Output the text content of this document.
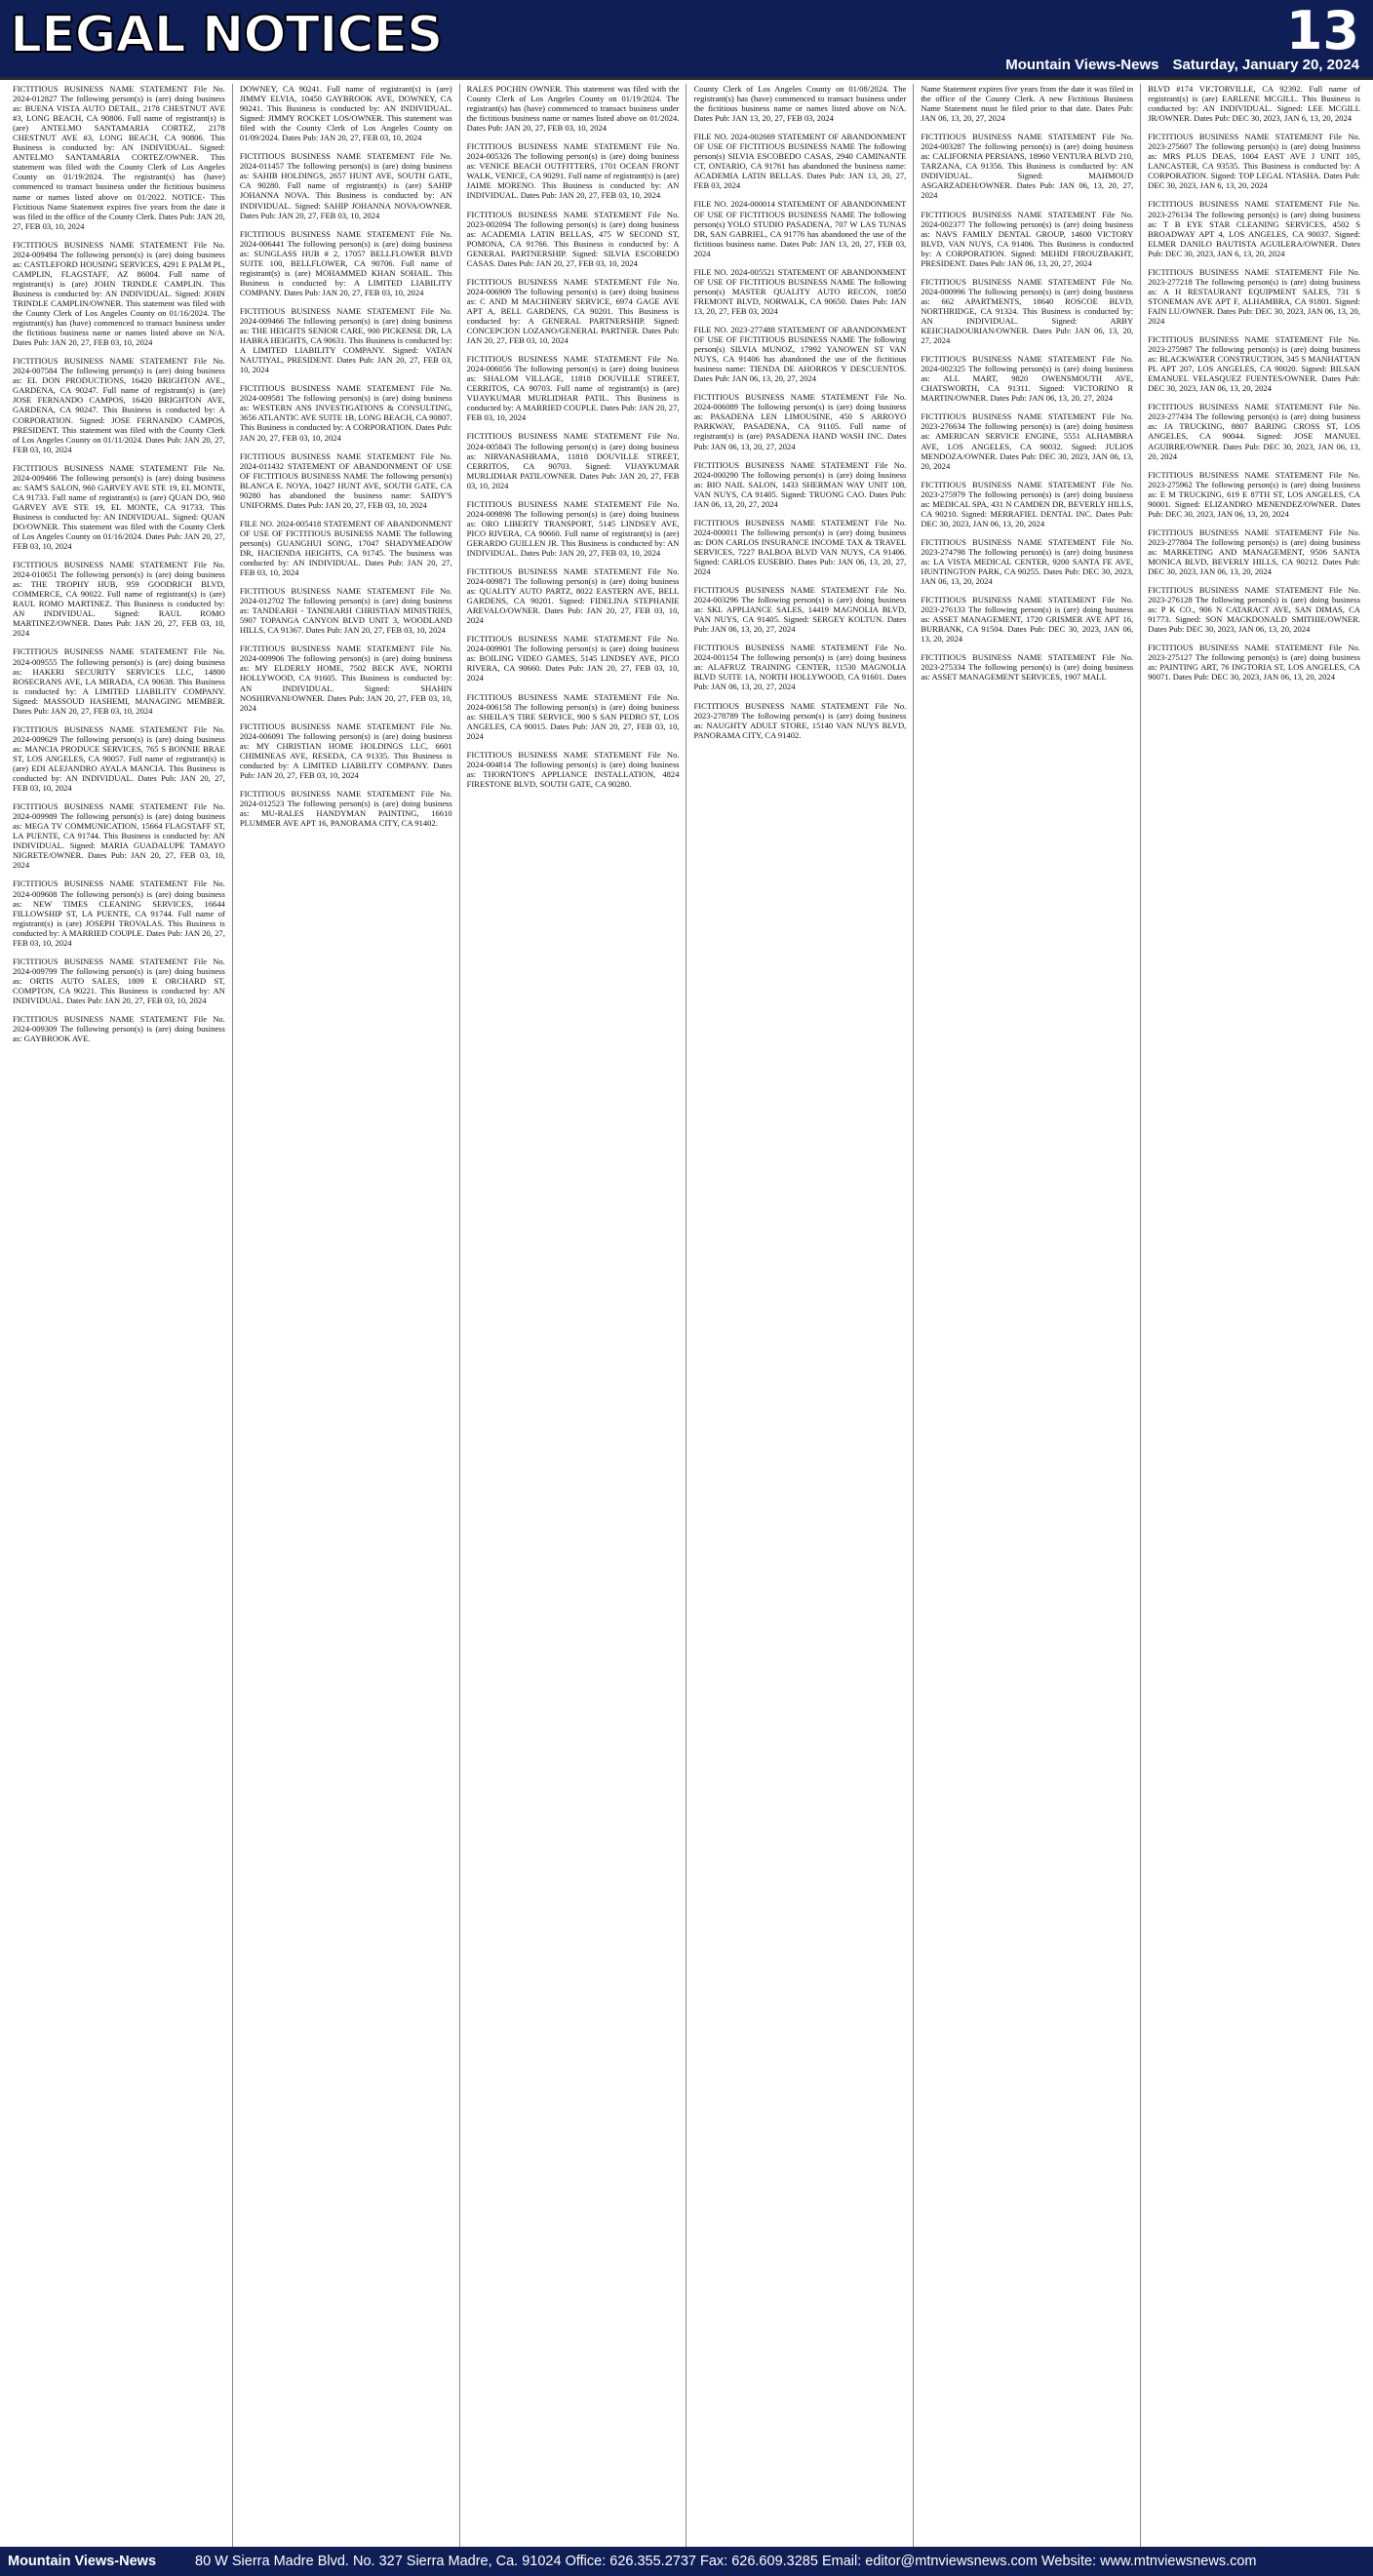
LEGAL NOTICES	13
Mountain Views-News Saturday, January 20, 2024

FICTITIOUS BUSINESS NAME STATEMENT File No. 2024-012827 The following person(s) is (are) doing business as: BUENA VISTA AUTO DETAIL, 2178 CHESTNUT AVE #3, LONG BEACH, CA 90806. Full name of registrant(s) is (are) ANTELMO SANTAMARIA CORTEZ, 2178 CHESTNUT AVE #3, LONG BEACH, CA 90806. This Business is conducted by: AN INDIVIDUAL. Signed: ANTELMO SANTAMARIA CORTEZ/OWNER. This statement was filed with the County Clerk of Los Angeles County on 01/19/2024. The registrant(s) has (have) commenced to transact business under the fictitious business name or names listed above on 01/2022. NOTICE- This Fictitious Name Statement expires five years from the date it was filed in the office of the County Clerk. Dates Pub: JAN 20, 27, FEB 03, 10, 2024

FICTITIOUS BUSINESS NAME STATEMENT File No. 2024-009494 The following person(s) is (are) doing business as: CASTLEFORD HOUSING SERVICES, 4291 E PALM PL, CAMPLIN, FLAGSTAFF, AZ 86004. Full name of registrant(s) is (are) JOHN TRINDLE CAMPLIN. This Business is conducted by: AN INDIVIDUAL. Signed: JOHN TRINDLE CAMPLIN/OWNER. This statement was filed with the County Clerk of Los Angeles County on 01/16/2024. The registrant(s) has (have) commenced to transact business under the fictitious business name or names listed above on N/A. Dates Pub: JAN 20, 27, FEB 03, 10, 2024

FICTITIOUS BUSINESS NAME STATEMENT File No. 2024-007584 The following person(s) is (are) doing business as: EL DON PRODUCTIONS, 16420 BRIGHTON AVE., GARDENA, CA 90247. Full name of registrant(s) is (are) JOSE FERNANDO CAMPOS, 16420 BRIGHTON AVE, GARDENA, CA 90247. This Business is conducted by: A CORPORATION. Signed: JOSE FERNANDO CAMPOS, PRESIDENT. This statement was filed with the County Clerk of Los Angeles County on 01/11/2024. Dates Pub: JAN 20, 27, FEB 03, 10, 2024

FICTITIOUS BUSINESS NAME STATEMENT File No. 2024-009466 The following person(s) is (are) doing business as: SAM'S SALON, 960 GARVEY AVE STE 19, EL MONTE, CA 91733. Full name of registrant(s) is (are) QUAN DO, 960 GARVEY AVE STE 19, EL MONTE, CA 91733. This Business is conducted by: AN INDIVIDUAL. Signed: QUAN DO/OWNER. This statement was filed with the County Clerk of Los Angeles County on 01/16/2024. Dates Pub: JAN 20, 27, FEB 03, 10, 2024

FICTITIOUS BUSINESS NAME STATEMENT File No. 2024-010651 The following person(s) is (are) doing business as: THE TROPHY HUB, 959 GOODRICH BLVD, COMMERCE, CA 90022. Full name of registrant(s) is (are) RAUL ROMO MARTINEZ. This Business is conducted by: AN INDIVIDUAL. Signed: RAUL ROMO MARTINEZ/OWNER. Dates Pub: JAN 20, 27, FEB 03, 10, 2024

FICTITIOUS BUSINESS NAME STATEMENT File No. 2024-009555 The following person(s) is (are) doing business as: HAKERI SECURITY SERVICES LLC, 14800 ROSECRANS AVE, LA MIRADA, CA 90638. This Business is conducted by: A LIMITED LIABILITY COMPANY. Signed: MASSOUD HASHEMI, MANAGING MEMBER. Dates Pub: JAN 20, 27, FEB 03, 10, 2024

FICTITIOUS BUSINESS NAME STATEMENT File No. 2024-009629 The following person(s) is (are) doing business as: MANCIA PRODUCE SERVICES, 765 S BONNIE BRAE ST, LOS ANGELES, CA 90057. Full name of registrant(s) is (are) EDI ALEJANDRO AYALA MANCIA. This Business is conducted by: AN INDIVIDUAL. Dates Pub: JAN 20, 27, FEB 03, 10, 2024

FICTITIOUS BUSINESS NAME STATEMENT File No. 2024-009989 The following person(s) is (are) doing business as: MEGA TV COMMUNICATION, 15664 FLAGSTAFF ST, LA PUENTE, CA 91744. This Business is conducted by: AN INDIVIDUAL. Signed: MARIA GUADALUPE TAMAYO NIGRETE/OWNER. Dates Pub: JAN 20, 27, FEB 03, 10, 2024

FICTITIOUS BUSINESS NAME STATEMENT File No. 2024-009608 The following person(s) is (are) doing business as: NEW TIMES CLEANING SERVICES, 16644 FILLOWSHIP ST, LA PUENTE, CA 91744. Full name of registrant(s) is (are) JOSEPH TROVALAS. This Business is conducted by: A MARRIED COUPLE. Dates Pub: JAN 20, 27, FEB 03, 10, 2024

FICTITIOUS BUSINESS NAME STATEMENT File No. 2024-009799 The following person(s) is (are) doing business as: ORTIS AUTO SALES, 1809 E ORCHARD ST, COMPTON, CA 90221. This Business is conducted by: AN INDIVIDUAL. Dates Pub: JAN 20, 27, FEB 03, 10, 2024

FICTITIOUS BUSINESS NAME STATEMENT File No. 2024-009309 The following person(s) is (are) doing business as: GAYBROOK AVE.

DOWNEY, CA 90241. Full name of registrant(s) is (are) JIMMY ELVIA, 10450 GAYBROOK AVE, DOWNEY, CA 90241. This Business is conducted by: AN INDIVIDUAL. Signed: JIMMY ROCKET LOS/OWNER. This statement was filed with the County Clerk of Los Angeles County on 01/09/2024. Dates Pub: JAN 20, 27, FEB 03, 10, 2024

FICTITIOUS BUSINESS NAME STATEMENT File No. 2024-011457 The following person(s) is (are) doing business as: SAHIB HOLDINGS, 2657 HUNT AVE, SOUTH GATE, CA 90280. Full name of registrant(s) is (are) SAHIP JOHANNA NOVA. This Business is conducted by: AN INDIVIDUAL. Signed: SAHIP JOHANNA NOVA/OWNER. Dates Pub: JAN 20, 27, FEB 03, 10, 2024

FICTITIOUS BUSINESS NAME STATEMENT File No. 2024-006441 The following person(s) is (are) doing business as: SUNGLASS HUB # 2, 17057 BELLFLOWER BLVD SUITE 100, BELLFLOWER, CA 90706. Full name of registrant(s) is (are) MOHAMMED KHAN SOHAIL. This Business is conducted by: A LIMITED LIABILITY COMPANY. Dates Pub: JAN 20, 27, FEB 03, 10, 2024

FICTITIOUS BUSINESS NAME STATEMENT File No. 2024-009466 The following person(s) is (are) doing business as: THE HEIGHTS SENIOR CARE, 900 PICKENSE DR, LA HABRA HEIGHTS, CA 90631. This Business is conducted by: A LIMITED LIABILITY COMPANY. Signed: VATAN NAUTIYAL, PRESIDENT. Dates Pub: JAN 20, 27, FEB 03, 10, 2024

FICTITIOUS BUSINESS NAME STATEMENT File No. 2024-009581 The following person(s) is (are) doing business as: WESTERN ANS INVESTIGATIONS & CONSULTING, 3656 ATLANTIC AVE SUITE 1B, LONG BEACH, CA 90807. This Business is conducted by: A CORPORATION. Dates Pub: JAN 20, 27, FEB 03, 10, 2024

FICTITIOUS BUSINESS NAME STATEMENT File No. 2024-011432 STATEMENT OF ABANDONMENT OF USE OF FICTITIOUS BUSINESS NAME The following person(s) BLANCA E. NOYA, 10427 HUNT AVE, SOUTH GATE, CA 90280 has abandoned the business name: SAIDY'S UNIFORMS. Dates Pub: JAN 20, 27, FEB 03, 10, 2024

FILE NO. 2024-005418 STATEMENT OF ABANDONMENT OF USE OF FICTITIOUS BUSINESS NAME The following person(s) GUANGHUI SONG, 17047 SHADYMEADOW DR, HACIENDA HEIGHTS, CA 91745. The business was conducted by: AN INDIVIDUAL. Dates Pub: JAN 20, 27, FEB 03, 10, 2024

FICTITIOUS BUSINESS NAME STATEMENT File No. 2024-012702 The following person(s) is (are) doing business as: TANDEARH - TANDEARH CHRISTIAN MINISTRIES, 5907 TOPANGA CANYON BLVD UNIT 3, WOODLAND HILLS, CA 91367. Dates Pub: JAN 20, 27, FEB 03, 10, 2024

FICTITIOUS BUSINESS NAME STATEMENT File No. 2024-009906 The following person(s) is (are) doing business as: MY ELDERLY HOME, 7502 BECK AVE, NORTH HOLLYWOOD, CA 91605. This Business is conducted by: AN INDIVIDUAL. Signed: SHAHIN NOSHIRVANI/OWNER. Dates Pub: JAN 20, 27, FEB 03, 10, 2024

FICTITIOUS BUSINESS NAME STATEMENT File No. 2024-006091 The following person(s) is (are) doing business as: MY CHRISTIAN HOME HOLDINGS LLC, 6601 CHIMINEAS AVE, RESEDA, CA 91335. This Business is conducted by: A LIMITED LIABILITY COMPANY. Dates Pub: JAN 20, 27, FEB 03, 10, 2024

FICTITIOUS BUSINESS NAME STATEMENT File No. 2024-012523 The following person(s) is (are) doing business as: MU-RALES HANDYMAN PAINTING, 16610 PLUMMER AVE APT 16, PANORAMA CITY, CA 91402.

RALES POCHIN OWNER. This statement was filed with the County Clerk of Los Angeles County on 01/19/2024. The registrant(s) has (have) commenced to transact business under the fictitious business name or names listed above on 01/2024. Dates Pub: JAN 20, 27, FEB 03, 10, 2024

FICTITIOUS BUSINESS NAME STATEMENT File No. 2024-005326 The following person(s) is (are) doing business as: VENICE BEACH OUTFITTERS, 1701 OCEAN FRONT WALK, VENICE, CA 90291. Full name of registrant(s) is (are) JAIME MORENO. This Business is conducted by: AN INDIVIDUAL. Dates Pub: JAN 20, 27, FEB 03, 10, 2024

FICTITIOUS BUSINESS NAME STATEMENT File No. 2023-002094 The following person(s) is (are) doing business as: ACADEMIA LATIN BELLAS, 475 W SECOND ST, POMONA, CA 91766. This Business is conducted by: A GENERAL PARTNERSHIP. Signed: SILVIA ESCOBEDO CASAS. Dates Pub: JAN 20, 27, FEB 03, 10, 2024

FICTITIOUS BUSINESS NAME STATEMENT File No. 2024-006909 The following person(s) is (are) doing business as: C AND M MACHINERY SERVICE, 6974 GAGE AVE APT A, BELL GARDENS, CA 90201. This Business is conducted by: A GENERAL PARTNERSHIP. Signed: CONCEPCION LOZANO/GENERAL PARTNER. Dates Pub: JAN 20, 27, FEB 03, 10, 2024

FICTITIOUS BUSINESS NAME STATEMENT File No. 2024-006056 The following person(s) is (are) doing business as: SHALOM VILLAGE, 11818 DOUVILLE STREET, CERRITOS, CA 90703. Full name of registrant(s) is (are) VIJAYKUMAR MURLIDHAR PATIL. This Business is conducted by: A MARRIED COUPLE. Dates Pub: JAN 20, 27, FEB 03, 10, 2024

FICTITIOUS BUSINESS NAME STATEMENT File No. 2024-005843 The following person(s) is (are) doing business as: NIRVANASHRAMA, 11818 DOUVILLE STREET, CERRITOS, CA 90703. Signed: VIJAYKUMAR MURLIDHAR PATIL/OWNER. Dates Pub: JAN 20, 27, FEB 03, 10, 2024

FICTITIOUS BUSINESS NAME STATEMENT File No. 2024-009898 The following person(s) is (are) doing business as: ORO LIBERTY TRANSPORT, 5145 LINDSEY AVE, PICO RIVERA, CA 90660. Full name of registrant(s) is (are) GERARDO GUILLEN JR. This Business is conducted by: AN INDIVIDUAL. Dates Pub: JAN 20, 27, FEB 03, 10, 2024

FICTITIOUS BUSINESS NAME STATEMENT File No. 2024-009871 The following person(s) is (are) doing business as: QUALITY AUTO PARTZ, 8022 EASTERN AVE, BELL GARDENS, CA 90201. Signed: FIDELINA STEPHANIE AREVALO/OWNER. Dates Pub: JAN 20, 27, FEB 03, 10, 2024

FICTITIOUS BUSINESS NAME STATEMENT File No. 2024-009901 The following person(s) is (are) doing business as: BOILING VIDEO GAMES, 5145 LINDSEY AVE, PICO RIVERA, CA 90660. Dates Pub: JAN 20, 27, FEB 03, 10, 2024

FICTITIOUS BUSINESS NAME STATEMENT File No. 2024-006158 The following person(s) is (are) doing business as: SHEILA'S TIRE SERVICE, 900 S SAN PEDRO ST, LOS ANGELES, CA 90015. Dates Pub: JAN 20, 27, FEB 03, 10, 2024

FICTITIOUS BUSINESS NAME STATEMENT File No. 2024-004814 The following person(s) is (are) doing business as: THORNTON'S APPLIANCE INSTALLATION, 4824 FIRESTONE BLVD, SOUTH GATE, CA 90280.

County Clerk of Los Angeles County on 01/08/2024. The registrant(s) has (have) commenced to transact business under the fictitious business name or names listed above on N/A. Dates Pub: JAN 13, 20, 27, FEB 03, 2024

FILE NO. 2024-002669 STATEMENT OF ABANDONMENT OF USE OF FICTITIOUS BUSINESS NAME The following person(s) SILVIA ESCOBEDO CASAS, 2940 CAMINANTE CT, ONTARIO, CA 91761 has abandoned the business name: ACADEMIA LATIN BELLAS. Dates Pub: JAN 13, 20, 27, FEB 03, 2024

FILE NO. 2024-000014 STATEMENT OF ABANDONMENT OF USE OF FICTITIOUS BUSINESS NAME The following person(s) YOLO STUDIO PASADENA, 707 W LAS TUNAS DR, SAN GABRIEL, CA 91776 has abandoned the use of the fictitious business name. Dates Pub: JAN 13, 20, 27, FEB 03, 2024

FILE NO. 2024-005521 STATEMENT OF ABANDONMENT OF USE OF FICTITIOUS BUSINESS NAME The following person(s) MASTER QUALITY AUTO RECON, 10850 FREMONT BLVD, NORWALK, CA 90650. Dates Pub: JAN 13, 20, 27, FEB 03, 2024

FILE NO. 2023-277488 STATEMENT OF ABANDONMENT OF USE OF FICTITIOUS BUSINESS NAME The following person(s) SILVIA MUNOZ, 17992 YANOWEN ST VAN NUYS, CA 91406 has abandoned the use of the fictitious business name: TIENDA DE AHORROS Y DESCUENTOS. Dates Pub: JAN 06, 13, 20, 27, 2024

FICTITIOUS BUSINESS NAME STATEMENT File No. 2024-006089 The following person(s) is (are) doing business as: PASADENA LEN LIMOUSINE, 450 S ARROYO PARKWAY, PASADENA, CA 91105. Full name of registrant(s) is (are) PASADENA HAND WASH INC. Dates Pub: JAN 06, 13, 20, 27, 2024

FICTITIOUS BUSINESS NAME STATEMENT File No. 2024-000290 The following person(s) is (are) doing business as: BIO NAIL SALON, 1433 SHERMAN WAY UNIT 108, VAN NUYS, CA 91405. Signed: TRUONG CAO. Dates Pub: JAN 06, 13, 20, 27, 2024

FICTITIOUS BUSINESS NAME STATEMENT File No. 2024-000011 The following person(s) is (are) doing business as: DON CARLOS INSURANCE INCOME TAX & TRAVEL SERVICES, 7227 BALBOA BLVD VAN NUYS, CA 91406. Signed: CARLOS EUSEBIO. Dates Pub: JAN 06, 13, 20, 27, 2024

FICTITIOUS BUSINESS NAME STATEMENT File No. 2024-003296 The following person(s) is (are) doing business as: SKL APPLIANCE SALES, 14419 MAGNOLIA BLVD, VAN NUYS, CA 91405. Signed: SERGEY KOLTUN. Dates Pub: JAN 06, 13, 20, 27, 2024

FICTITIOUS BUSINESS NAME STATEMENT File No. 2024-001154 The following person(s) is (are) doing business as: ALAFRUZ TRAINING CENTER, 11530 MAGNOLIA BLVD SUITE 1A, NORTH HOLLYWOOD, CA 91601. Dates Pub: JAN 06, 13, 20, 27, 2024

FICTITIOUS BUSINESS NAME STATEMENT File No. 2023-278789 The following person(s) is (are) doing business as: NAUGHTY ADULT STORE, 15140 VAN NUYS BLVD, PANORAMA CITY, CA 91402.

Name Statement expires five years from the date it was filed in the office of the County Clerk. A new Fictitious Business Name Statement must be filed prior to that date. Dates Pub: JAN 06, 13, 20, 27, 2024

FICTITIOUS BUSINESS NAME STATEMENT File No. 2024-003287 The following person(s) is (are) doing business as: CALIFORNIA PERSIANS, 18960 VENTURA BLVD 210, TARZANA, CA 91356. This Business is conducted by: AN INDIVIDUAL. Signed: MAHMOUD ASGARZADEH/OWNER. Dates Pub: JAN 06, 13, 20, 27, 2024

FICTITIOUS BUSINESS NAME STATEMENT File No. 2024-002377 The following person(s) is (are) doing business as: NAVS FAMILY DENTAL GROUP, 14600 VICTORY BLVD, VAN NUYS, CA 91406. This Business is conducted by: A CORPORATION. Signed: MEHDI FIROUZBAKHT, PRESIDENT. Dates Pub: JAN 06, 13, 20, 27, 2024

FICTITIOUS BUSINESS NAME STATEMENT File No. 2024-000996 The following person(s) is (are) doing business as: 662 APARTMENTS, 18640 ROSCOE BLVD, NORTHRIDGE, CA 91324. This Business is conducted by: AN INDIVIDUAL. Signed: ARBY KEHCHADOURIAN/OWNER. Dates Pub: JAN 06, 13, 20, 27, 2024

FICTITIOUS BUSINESS NAME STATEMENT File No. 2024-002325 The following person(s) is (are) doing business as: ALL MART, 9820 OWENSMOUTH AVE, CHATSWORTH, CA 91311. Signed: VICTORINO R MARTIN/OWNER. Dates Pub: JAN 06, 13, 20, 27, 2024

FICTITIOUS BUSINESS NAME STATEMENT File No. 2023-276634 The following person(s) is (are) doing business as: AMERICAN SERVICE ENGINE, 5551 ALHAMBRA AVE, LOS ANGELES, CA 90032. Signed: JULIOS MENDOZA/OWNER. Dates Pub: DEC 30, 2023, JAN 06, 13, 20, 2024

FICTITIOUS BUSINESS NAME STATEMENT File No. 2023-275979 The following person(s) is (are) doing business as: MEDICAL SPA, 431 N CAMDEN DR, BEVERLY HILLS, CA 90210. Signed: MERRAFIEL DENTAL INC. Dates Pub: DEC 30, 2023, JAN 06, 13, 20, 2024

FICTITIOUS BUSINESS NAME STATEMENT File No. 2023-274798 The following person(s) is (are) doing business as: LA VISTA MEDICAL CENTER, 9200 SANTA FE AVE, HUNTINGTON PARK, CA 90255. Dates Pub: DEC 30, 2023, JAN 06, 13, 20, 2024

FICTITIOUS BUSINESS NAME STATEMENT File No. 2023-276133 The following person(s) is (are) doing business as: ASSET MANAGEMENT, 1720 GRISMER AVE APT 16, BURBANK, CA 91504. Dates Pub: DEC 30, 2023, JAN 06, 13, 20, 2024

FICTITIOUS BUSINESS NAME STATEMENT File No. 2023-275334 The following person(s) is (are) doing business as: ASSET MANAGEMENT SERVICES, 1907 MALL

BLVD #174 VICTORVILLE, CA 92392. Full name of registrant(s) is (are) EARLENE MCGILL. This Business is conducted by: AN INDIVIDUAL. Signed: LEE MCGILL JR/OWNER. Dates Pub: DEC 30, 2023, JAN 6, 13, 20, 2024

FICTITIOUS BUSINESS NAME STATEMENT File No. 2023-275607 The following person(s) is (are) doing business as: MRS PLUS DEAS, 1004 EAST AVE J UNIT 105, LANCASTER, CA 93535. This Business is conducted by: A CORPORATION. Signed: TOP LEGAL NTASHA. Dates Pub: DEC 30, 2023, JAN 6, 13, 20, 2024

FICTITIOUS BUSINESS NAME STATEMENT File No. 2023-276134 The following person(s) is (are) doing business as: T B EYE STAR CLEANING SERVICES, 4502 S BROADWAY APT 4, LOS ANGELES, CA 90037. Signed: ELMER DANILO BAUTISTA AGUILERA/OWNER. Dates Pub: DEC 30, 2023, JAN 6, 13, 20, 2024

FICTITIOUS BUSINESS NAME STATEMENT File No. 2023-277218 The following person(s) is (are) doing business as: A H RESTAURANT EQUIPMENT SALES, 731 S STONEMAN AVE APT F, ALHAMBRA, CA 91801. Signed: FAIN LU/OWNER. Dates Pub: DEC 30, 2023, JAN 06, 13, 20, 2024

FICTITIOUS BUSINESS NAME STATEMENT File No. 2023-275987 The following person(s) is (are) doing business as: BLACKWATER CONSTRUCTION, 345 S MANHATTAN PL APT 207, LOS ANGELES, CA 90020. Signed: BILSAN EMANUEL VELASQUEZ FUENTES/OWNER. Dates Pub: DEC 30, 2023, JAN 06, 13, 20, 2024

FICTITIOUS BUSINESS NAME STATEMENT File No. 2023-277434 The following person(s) is (are) doing business as: JA TRUCKING, 8807 BARING CROSS ST, LOS ANGELES, CA 90044. Signed: JOSE MANUEL AGUIRRE/OWNER. Dates Pub: DEC 30, 2023, JAN 06, 13, 20, 2024

FICTITIOUS BUSINESS NAME STATEMENT File No. 2023-275962 The following person(s) is (are) doing business as: E M TRUCKING, 619 E 87TH ST, LOS ANGELES, CA 90001. Signed: ELIZANDRO MENENDEZ/OWNER. Dates Pub: DEC 30, 2023, JAN 06, 13, 20, 2024

FICTITIOUS BUSINESS NAME STATEMENT File No. 2023-277804 The following person(s) is (are) doing business as: MARKETING AND MANAGEMENT, 9506 SANTA MONICA BLVD, BEVERLY HILLS, CA 90212. Dates Pub: DEC 30, 2023, JAN 06, 13, 20, 2024

FICTITIOUS BUSINESS NAME STATEMENT File No. 2023-276128 The following person(s) is (are) doing business as: P K CO., 906 N CATARACT AVE, SAN DIMAS, CA 91773. Signed: SON MACKDONALD SMITHIE/OWNER. Dates Pub: DEC 30, 2023, JAN 06, 13, 20, 2024

FICTITIOUS BUSINESS NAME STATEMENT File No. 2023-275127 The following person(s) is (are) doing business as: PAINTING ART, 76 INGTORIA ST, LOS ANGELES, CA 90071. Dates Pub: DEC 30, 2023, JAN 06, 13, 20, 2024

Mountain Views-News	80 W Sierra Madre Blvd. No. 327 Sierra Madre, Ca. 91024 Office: 626.355.2737 Fax: 626.609.3285 Email: editor@mtnviewsnews.com Website: www.mtnviewsnews.com
